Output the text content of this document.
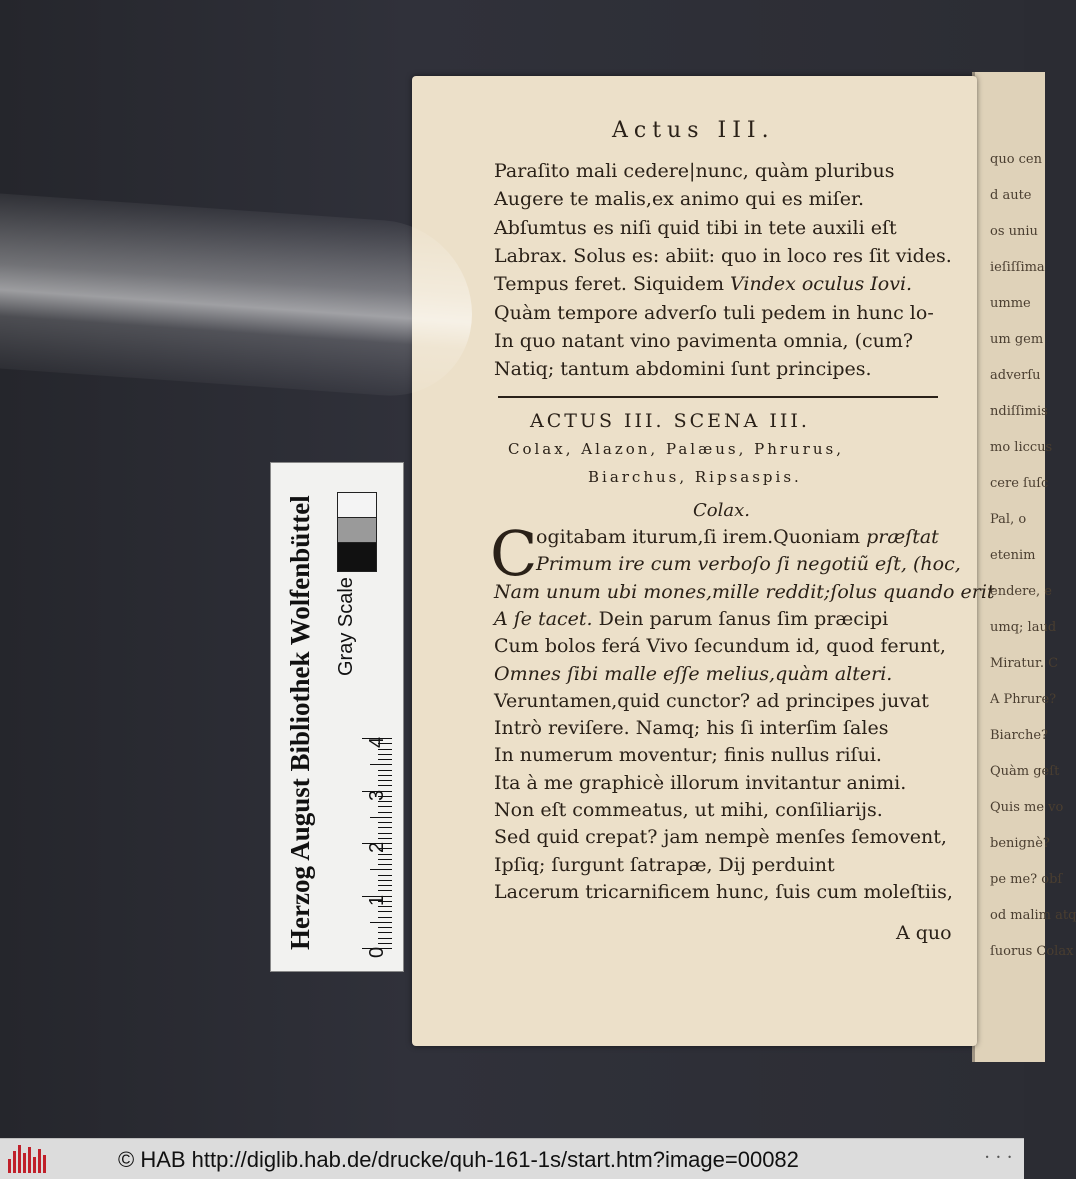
quo cen
d aute
os uniu
ieſiſſima
umme
um gem
adverſu
ndiſſimis
mo liccus
cere ſuſc
Pal, o
etenim
endere, e
umq; laud
Miratur. C
A Phrure?
Biarche?
Quàm geſt
Quis me vo
benignè?
pe me? obſ
od malim atq
ſuorus Colax
Actus III.
Paraſito mali cedere|nunc, quàm pluribus
Augere te malis,ex animo qui es miſer.
Abſumtus es niſi quid tibi in tete auxili eſt
Labrax. Solus es: abiit: quo in loco res ſit vides.
Tempus feret. Siquidem Vindex oculus Iovi.
Quàm tempore adverſo tuli pedem in hunc lo-
In quo natant vino pavimenta omnia, (cum?
Natiq; tantum abdomini ſunt principes.
ACTUS III. SCENA III.
Colax, Alazon, Palæus, Phrurus,
Biarchus, Ripsaspis.
Colax.
C
ogitabam iturum,ſi irem.Quoniam præſtat
Primum ire cum verboſo ſi negotiũ eſt, (hoc,
Nam unum ubi mones,mille reddit;ſolus quando erit
A ſe tacet. Dein parum ſanus ſim præcipi
Cum bolos ferá Vivo ſecundum id, quod ferunt,
Omnes ſibi malle eſſe melius,quàm alteri.
Veruntamen,quid cunctor? ad principes juvat
Intrò reviſere. Namq; his ſi interſim ſales
In numerum moventur; finis nullus riſui.
Ita à me graphicè illorum invitantur animi.
Non eſt commeatus, ut mihi, conſiliarijs.
Sed quid crepat? jam nempè menſes ſemovent,
Ipſiq; ſurgunt ſatrapæ, Dij perduint
Lacerum tricarnificem hunc, ſuis cum moleſtiis,
A quo
Herzog August Bibliothek Wolfenbüttel Gray Scale
0
1
2
3
4
© HAB http://diglib.hab.de/drucke/quh-161-1s/start.htm?image=00082	• • •
